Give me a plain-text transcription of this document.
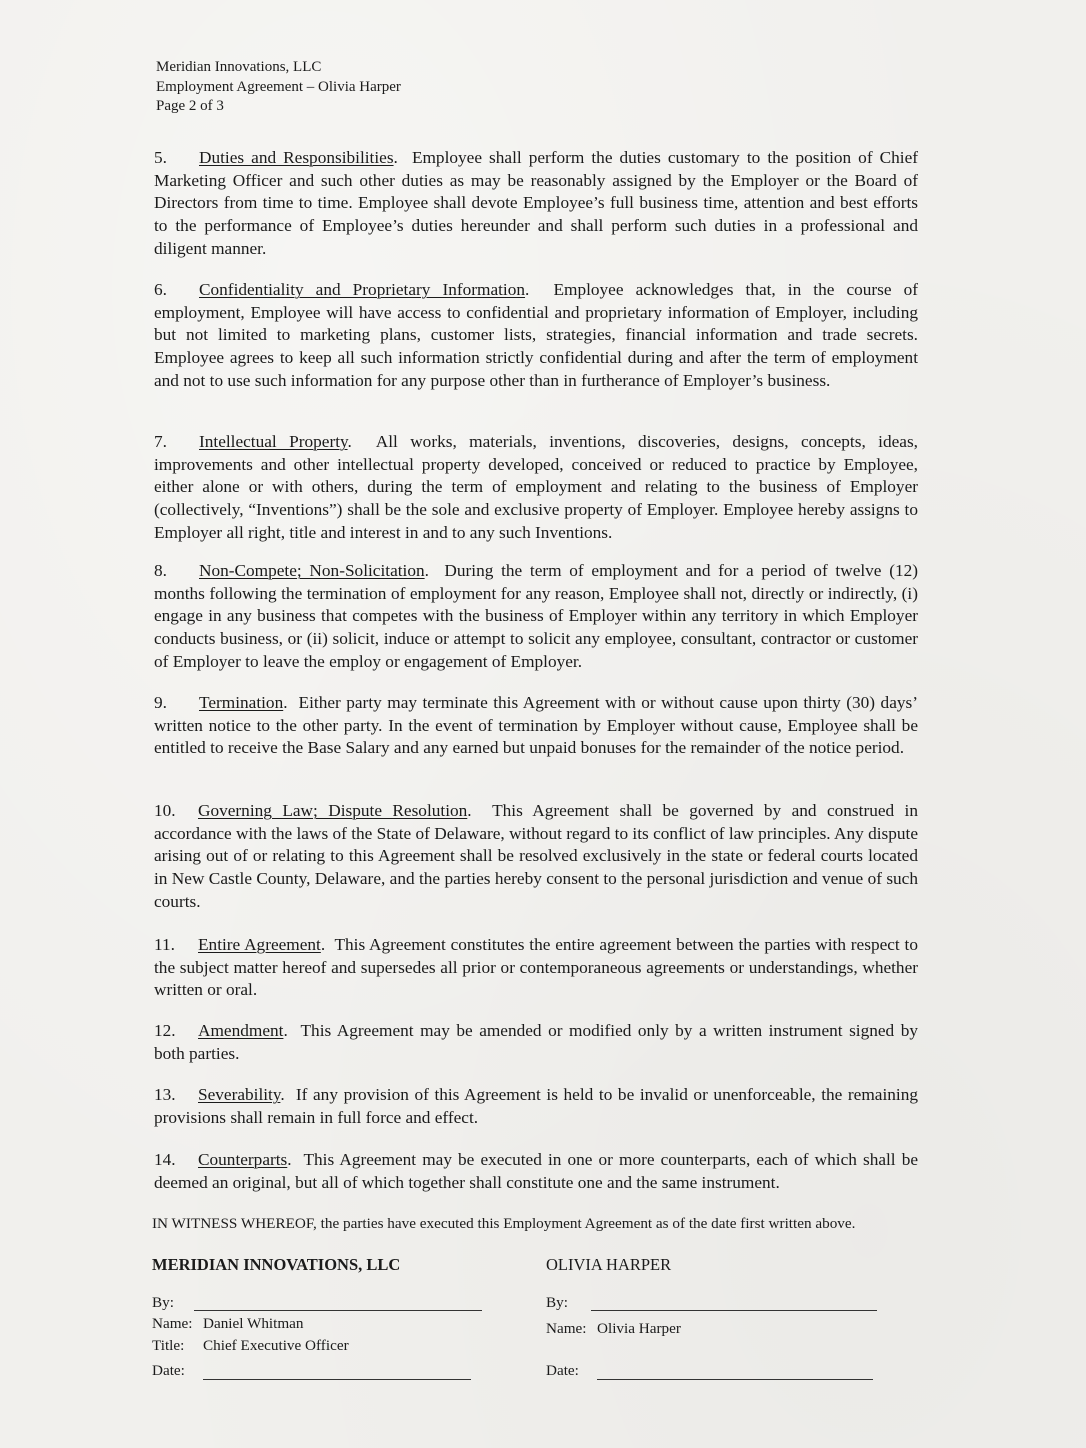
Meridian Innovations, LLC
Employment Agreement – Olivia Harper
Page 2 of 3
5. Duties and Responsibilities.  Employee shall perform the duties customary to the position of Chief Marketing Officer and such other duties as may be reasonably assigned by the Employer or the Board of Directors from time to time. Employee shall devote Employee’s full business time, attention and best efforts to the performance of Employee’s duties hereunder and shall perform such duties in a professional and diligent manner.
6. Confidentiality and Proprietary Information.  Employee acknowledges that, in the course of employment, Employee will have access to confidential and proprietary information of Employer, including but not limited to marketing plans, customer lists, strategies, financial information and trade secrets. Employee agrees to keep all such information strictly confidential during and after the term of employment and not to use such information for any purpose other than in furtherance of Employer’s business.
7. Intellectual Property.  All works, materials, inventions, discoveries, designs, concepts, ideas, improvements and other intellectual property developed, conceived or reduced to practice by Employee, either alone or with others, during the term of employment and relating to the business of Employer (collectively, “Inventions”) shall be the sole and exclusive property of Employer. Employee hereby assigns to Employer all right, title and interest in and to any such Inventions.
8. Non-Compete; Non-Solicitation.  During the term of employment and for a period of twelve (12) months following the termination of employment for any reason, Employee shall not, directly or indirectly, (i) engage in any business that competes with the business of Employer within any territory in which Employer conducts business, or (ii) solicit, induce or attempt to solicit any employee, consultant, contractor or customer of Employer to leave the employ or engagement of Employer.
9. Termination.  Either party may terminate this Agreement with or without cause upon thirty (30) days’ written notice to the other party. In the event of termination by Employer without cause, Employee shall be entitled to receive the Base Salary and any earned but unpaid bonuses for the remainder of the notice period.
10. Governing Law; Dispute Resolution.  This Agreement shall be governed by and construed in accordance with the laws of the State of Delaware, without regard to its conflict of law principles. Any dispute arising out of or relating to this Agreement shall be resolved exclusively in the state or federal courts located in New Castle County, Delaware, and the parties hereby consent to the personal jurisdiction and venue of such courts.
11. Entire Agreement.  This Agreement constitutes the entire agreement between the parties with respect to the subject matter hereof and supersedes all prior or contemporaneous agreements or understandings, whether written or oral.
12. Amendment.  This Agreement may be amended or modified only by a written instrument signed by both parties.
13. Severability.  If any provision of this Agreement is held to be invalid or unenforceable, the remaining provisions shall remain in full force and effect.
14. Counterparts.  This Agreement may be executed in one or more counterparts, each of which shall be deemed an original, but all of which together shall constitute one and the same instrument.
IN WITNESS WHEREOF, the parties have executed this Employment Agreement as of the date first written above.
MERIDIAN INNOVATIONS, LLC
By:
Name: Daniel Whitman
Title: Chief Executive Officer
Date:
OLIVIA HARPER
By:
Name: Olivia Harper
Date:
